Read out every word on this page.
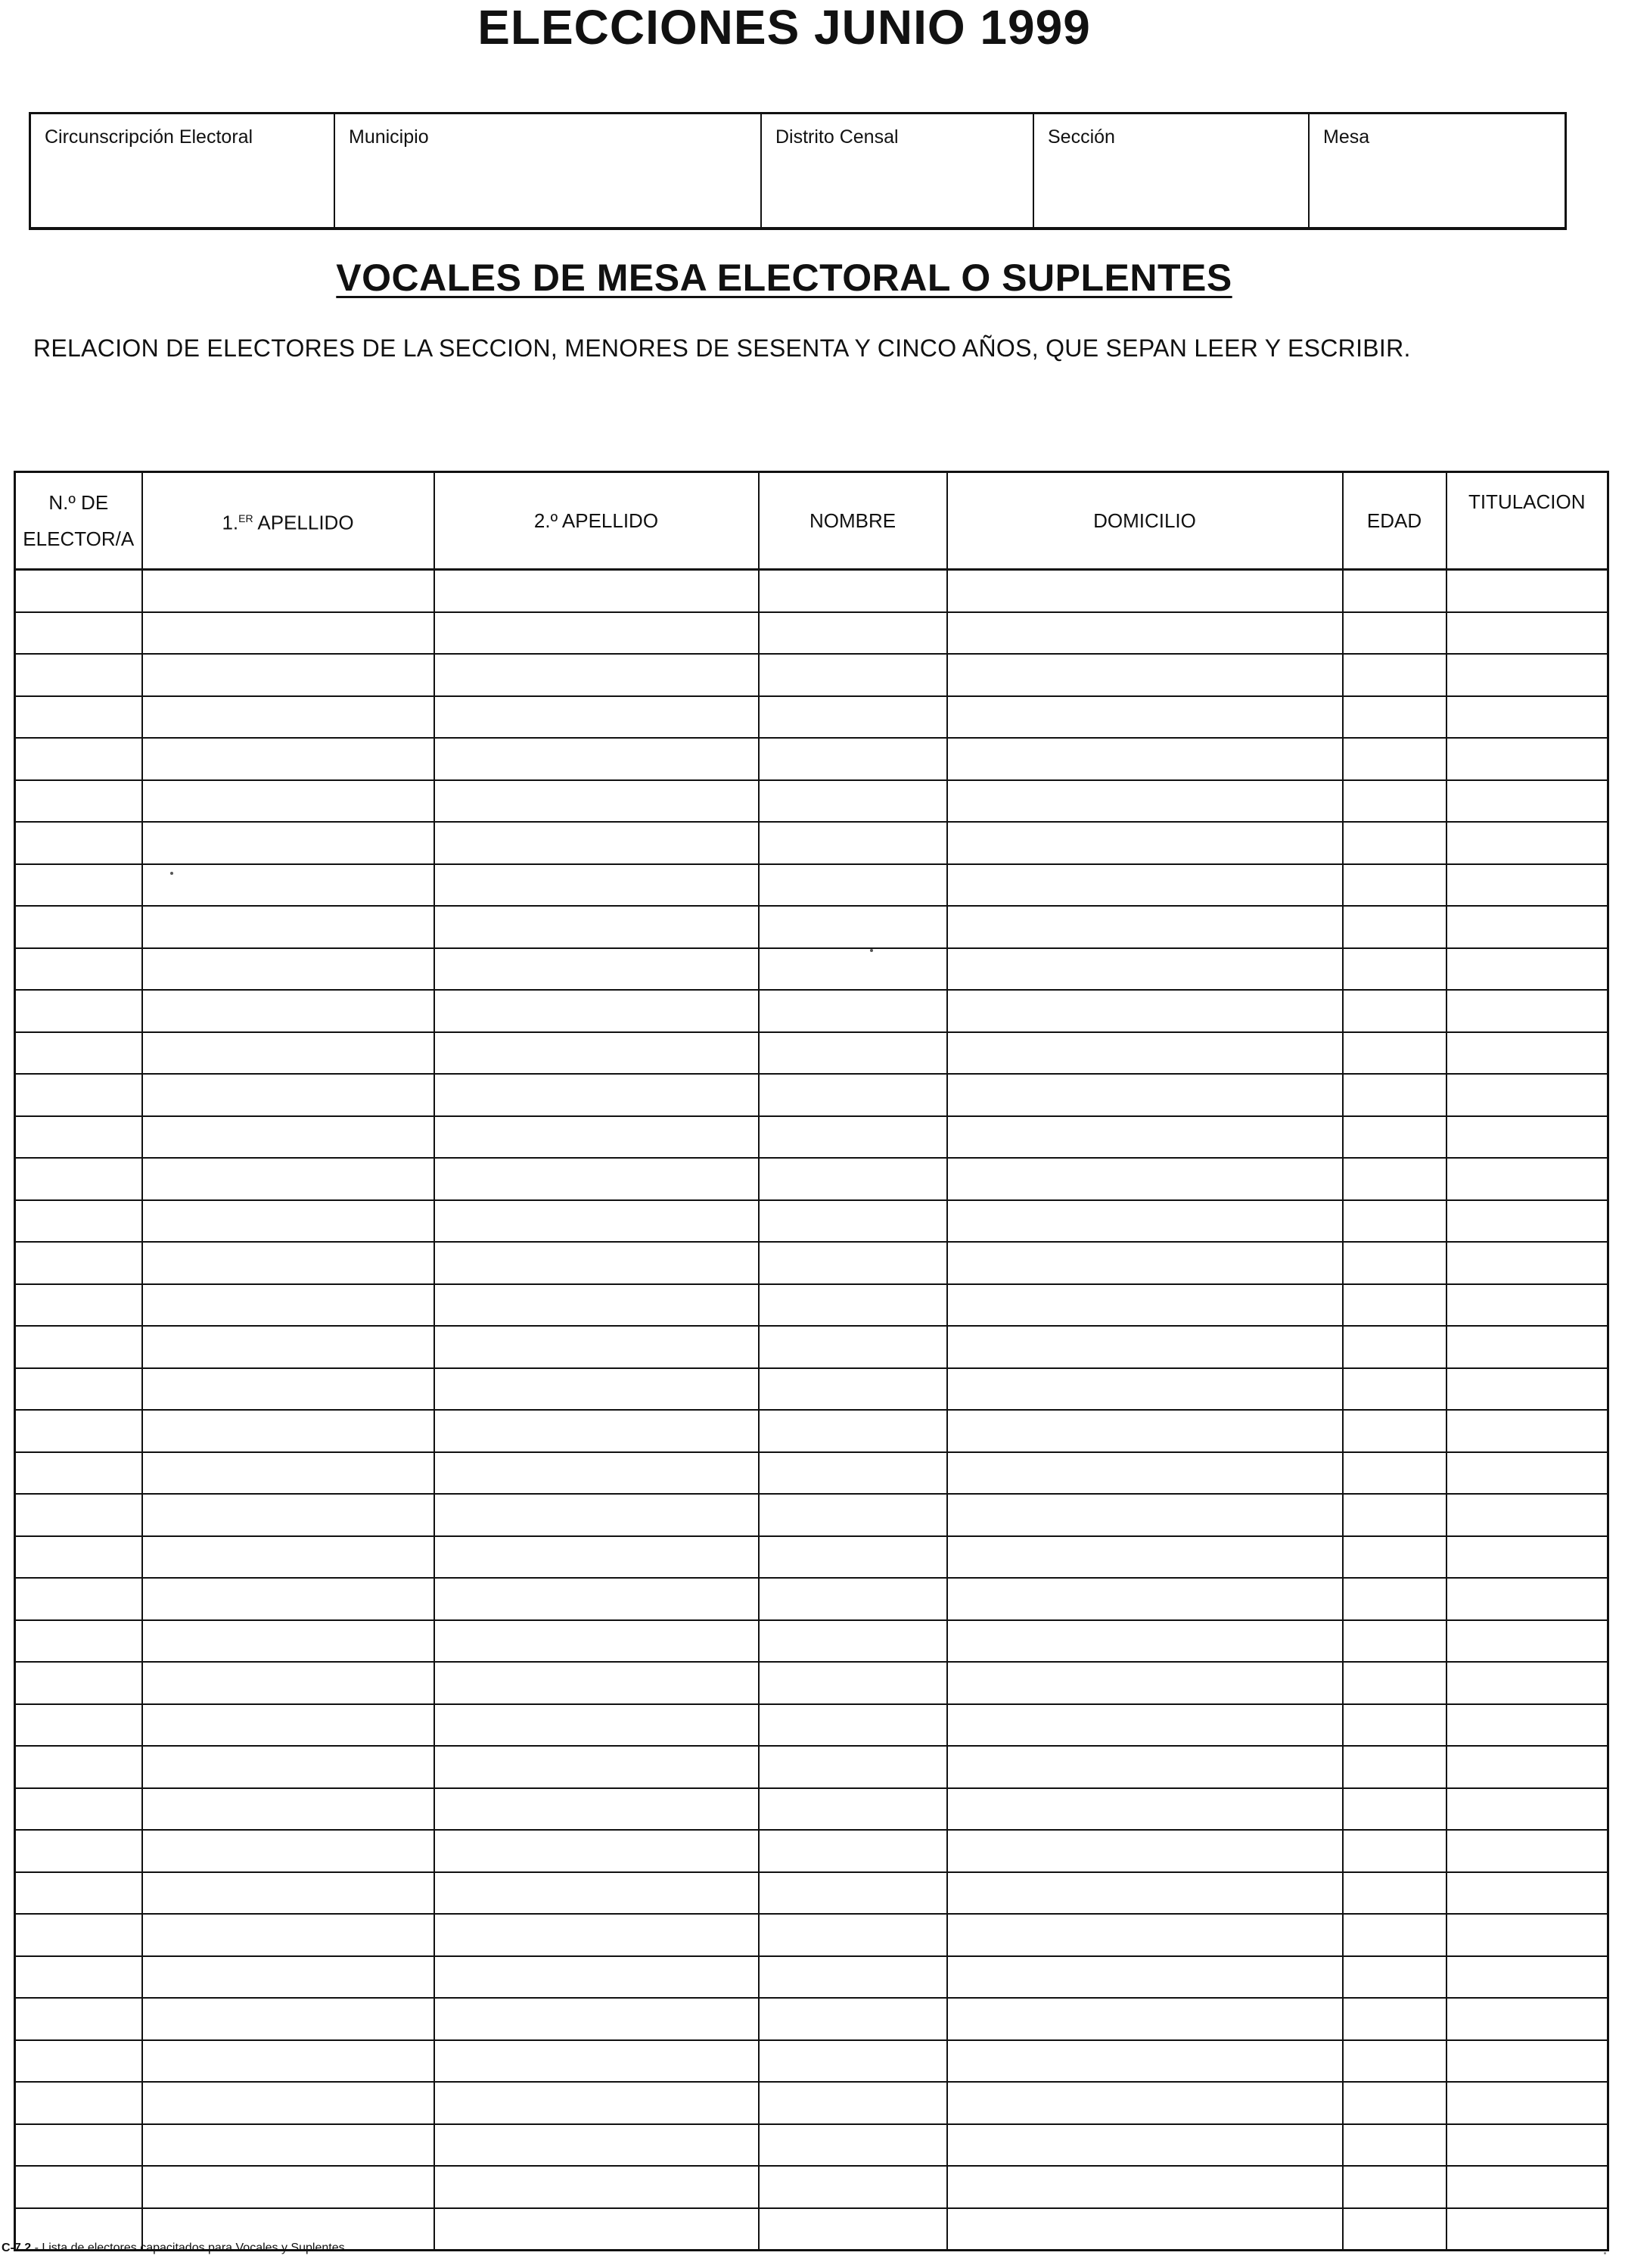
ELECCIONES JUNIO 1999
Circunscripción Electoral	Municipio	Distrito Censal	Sección	Mesa
VOCALES DE MESA ELECTORAL O SUPLENTES
RELACION DE ELECTORES DE LA SECCION, MENORES DE SESENTA Y CINCO AÑOS, QUE SEPAN LEER Y ESCRIBIR.
N.º DE
ELECTOR/A	1.$^{ER}$ APELLIDO	2.º APELLIDO	NOMBRE	DOMICILIO	EDAD	TITULACION

C-7.2 - Lista de electores capacitados para Vocales y Suplentes
